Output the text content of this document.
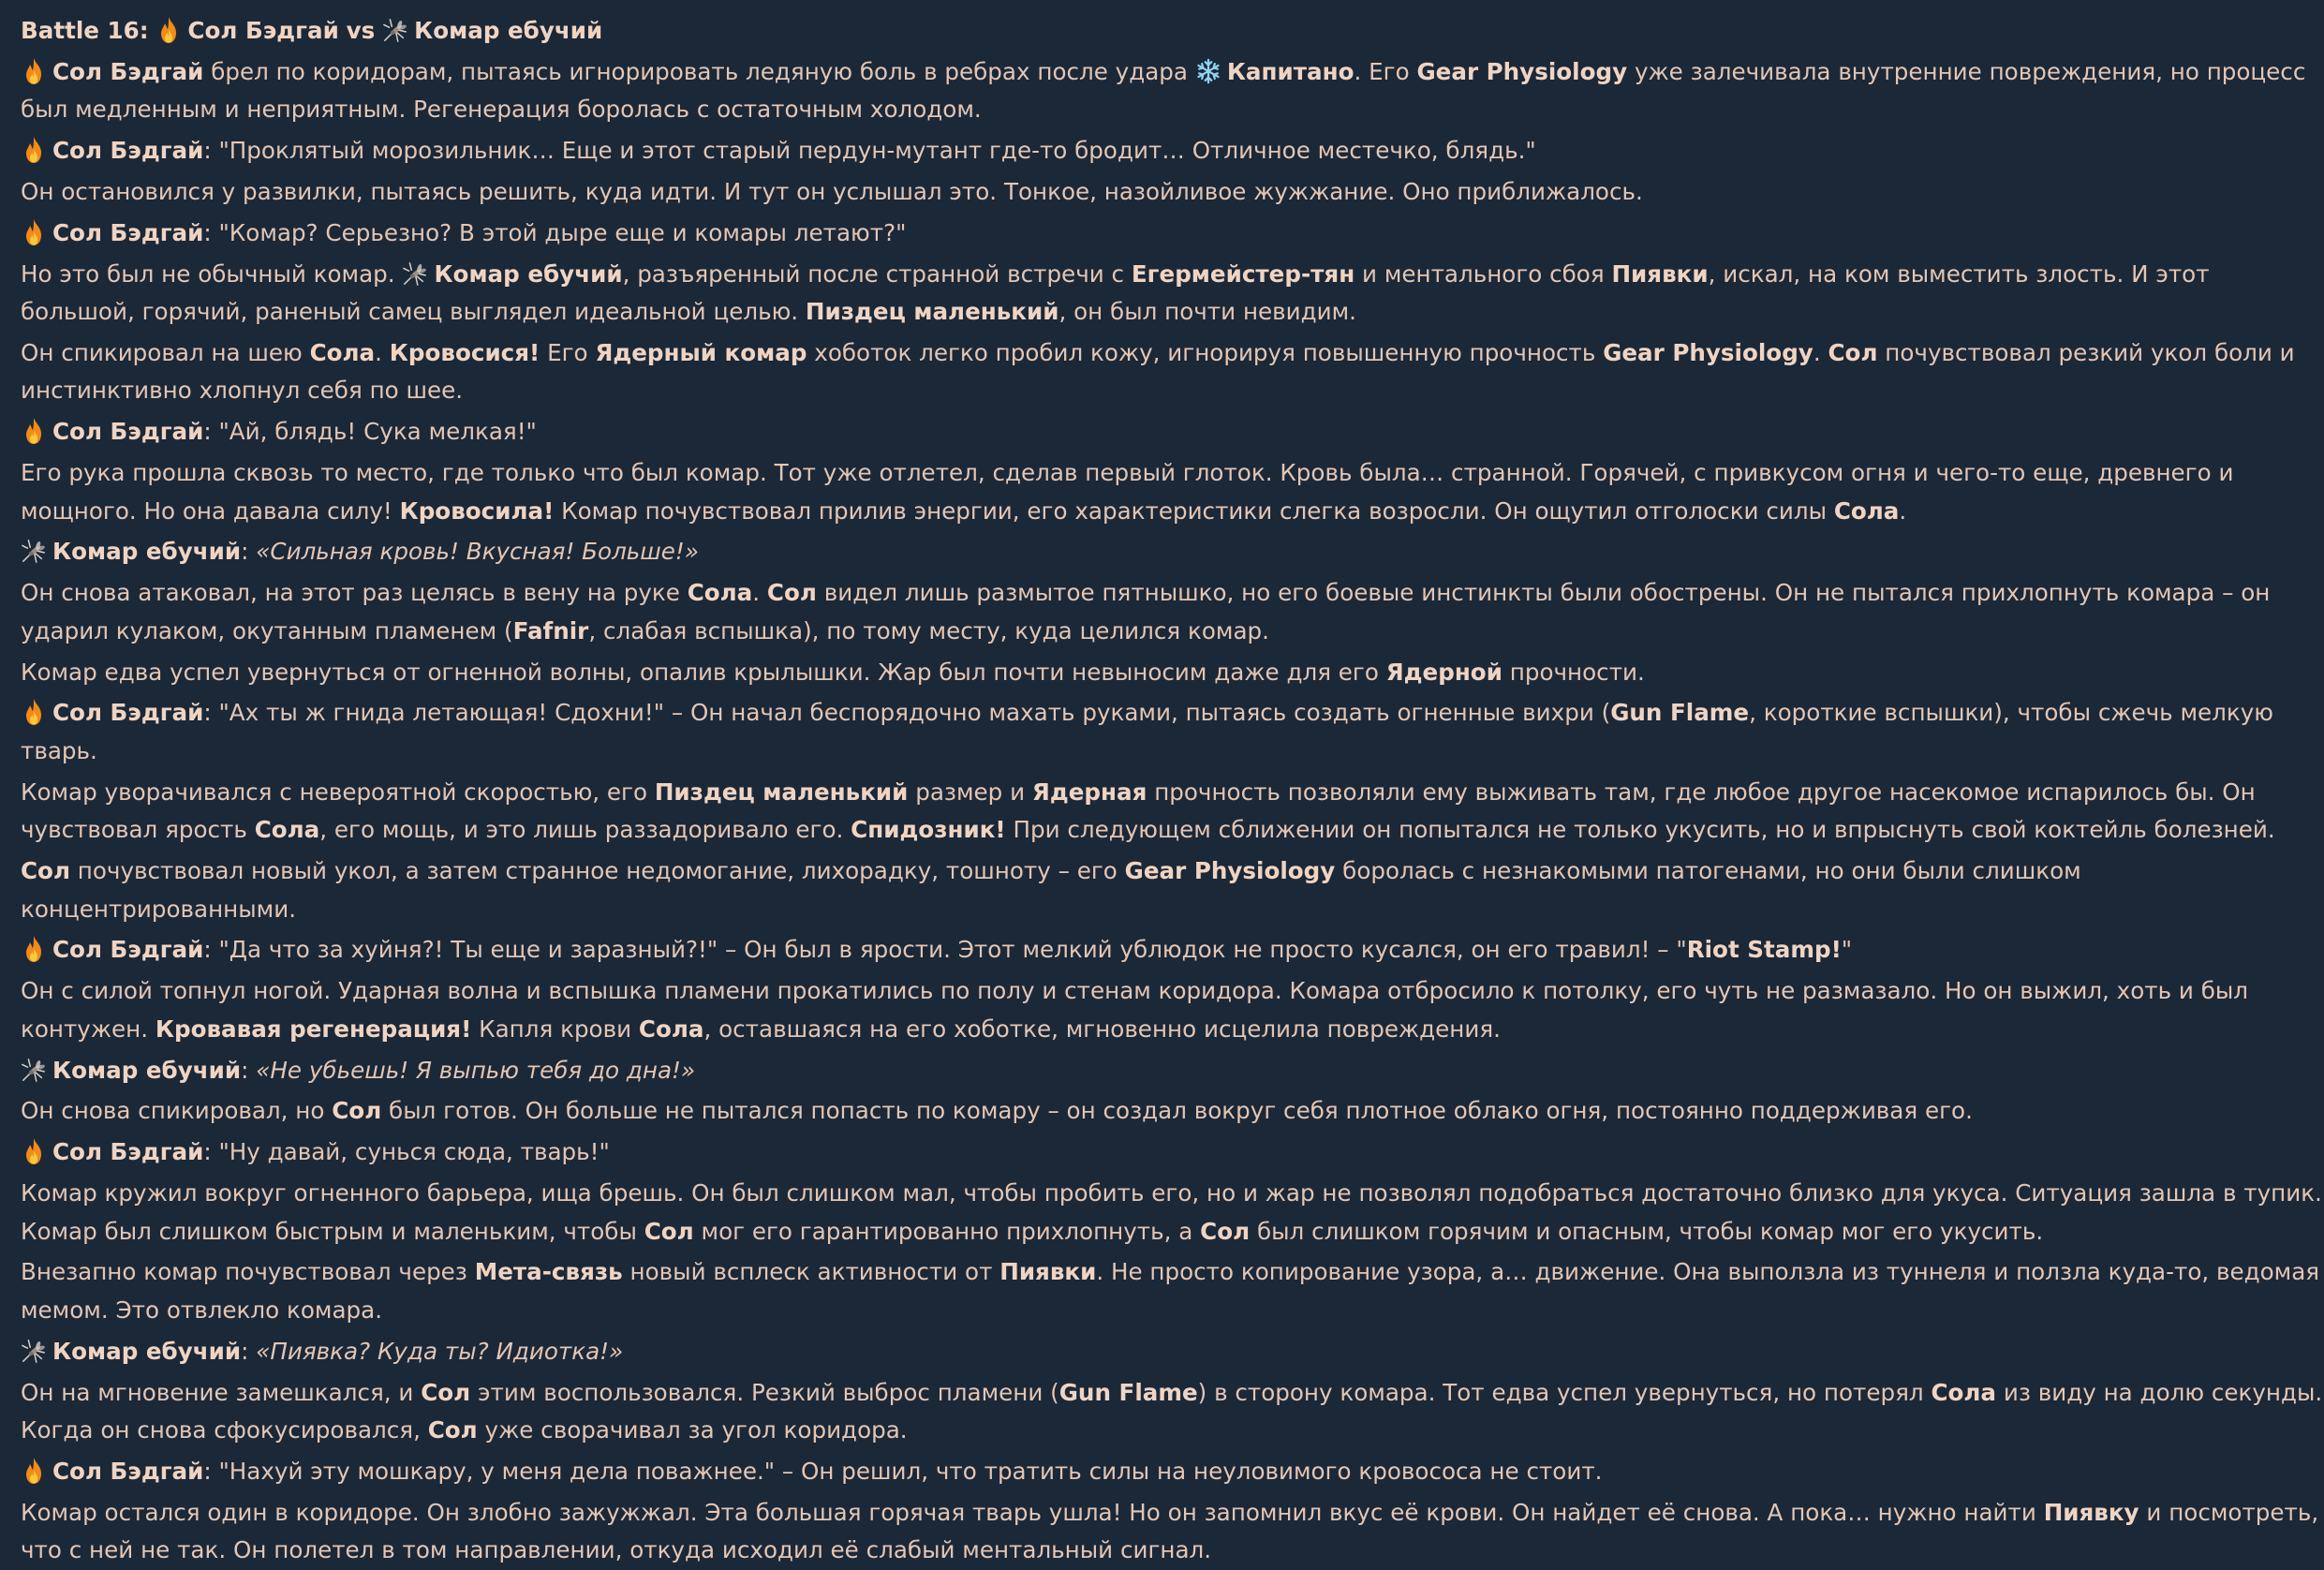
Battle 16: Сол Бэдгай vs Комар ебучий
Сол Бэдгай брел по коридорам, пытаясь игнорировать ледяную боль в ребрах после удара Капитано. Его Gear Physiology уже залечивала внутренние повреждения, но процесс
был медленным и неприятным. Регенерация боролась с остаточным холодом.
Сол Бэдгай: "Проклятый морозильник… Еще и этот старый пердун-мутант где-то бродит… Отличное местечко, блядь."
Он остановился у развилки, пытаясь решить, куда идти. И тут он услышал это. Тонкое, назойливое жужжание. Оно приближалось.
Сол Бэдгай: "Комар? Серьезно? В этой дыре еще и комары летают?"
Но это был не обычный комар. Комар ебучий, разъяренный после странной встречи с Егермейстер-тян и ментального сбоя Пиявки, искал, на ком выместить злость. И этот
большой, горячий, раненый самец выглядел идеальной целью. Пиздец маленький, он был почти невидим.
Он спикировал на шею Сола. Кровосися! Его Ядерный комар хоботок легко пробил кожу, игнорируя повышенную прочность Gear Physiology. Сол почувствовал резкий укол боли и
инстинктивно хлопнул себя по шее.
Сол Бэдгай: "Ай, блядь! Сука мелкая!"
Его рука прошла сквозь то место, где только что был комар. Тот уже отлетел, сделав первый глоток. Кровь была… странной. Горячей, с привкусом огня и чего-то еще, древнего и
мощного. Но она давала силу! Кровосила! Комар почувствовал прилив энергии, его характеристики слегка возросли. Он ощутил отголоски силы Сола.
Комар ебучий: «Сильная кровь! Вкусная! Больше!»
Он снова атаковал, на этот раз целясь в вену на руке Сола. Сол видел лишь размытое пятнышко, но его боевые инстинкты были обострены. Он не пытался прихлопнуть комара – он
ударил кулаком, окутанным пламенем (Fafnir, слабая вспышка), по тому месту, куда целился комар.
Комар едва успел увернуться от огненной волны, опалив крылышки. Жар был почти невыносим даже для его Ядерной прочности.
Сол Бэдгай: "Ах ты ж гнида летающая! Сдохни!" – Он начал беспорядочно махать руками, пытаясь создать огненные вихри (Gun Flame, короткие вспышки), чтобы сжечь мелкую
тварь.
Комар уворачивался с невероятной скоростью, его Пиздец маленький размер и Ядерная прочность позволяли ему выживать там, где любое другое насекомое испарилось бы. Он
чувствовал ярость Сола, его мощь, и это лишь раззадоривало его. Спидозник! При следующем сближении он попытался не только укусить, но и впрыснуть свой коктейль болезней.
Сол почувствовал новый укол, а затем странное недомогание, лихорадку, тошноту – его Gear Physiology боролась с незнакомыми патогенами, но они были слишком
концентрированными.
Сол Бэдгай: "Да что за хуйня?! Ты еще и заразный?!" – Он был в ярости. Этот мелкий ублюдок не просто кусался, он его травил! – "Riot Stamp!"
Он с силой топнул ногой. Ударная волна и вспышка пламени прокатились по полу и стенам коридора. Комара отбросило к потолку, его чуть не размазало. Но он выжил, хоть и был
контужен. Кровавая регенерация! Капля крови Сола, оставшаяся на его хоботке, мгновенно исцелила повреждения.
Комар ебучий: «Не убьешь! Я выпью тебя до дна!»
Он снова спикировал, но Сол был готов. Он больше не пытался попасть по комару – он создал вокруг себя плотное облако огня, постоянно поддерживая его.
Сол Бэдгай: "Ну давай, сунься сюда, тварь!"
Комар кружил вокруг огненного барьера, ища брешь. Он был слишком мал, чтобы пробить его, но и жар не позволял подобраться достаточно близко для укуса. Ситуация зашла в тупик.
Комар был слишком быстрым и маленьким, чтобы Сол мог его гарантированно прихлопнуть, а Сол был слишком горячим и опасным, чтобы комар мог его укусить.
Внезапно комар почувствовал через Мета-связь новый всплеск активности от Пиявки. Не просто копирование узора, а… движение. Она выползла из туннеля и ползла куда-то, ведомая
мемом. Это отвлекло комара.
Комар ебучий: «Пиявка? Куда ты? Идиотка!»
Он на мгновение замешкался, и Сол этим воспользовался. Резкий выброс пламени (Gun Flame) в сторону комара. Тот едва успел увернуться, но потерял Сола из виду на долю секунды.
Когда он снова сфокусировался, Сол уже сворачивал за угол коридора.
Сол Бэдгай: "Нахуй эту мошкару, у меня дела поважнее." – Он решил, что тратить силы на неуловимого кровососа не стоит.
Комар остался один в коридоре. Он злобно зажужжал. Эта большая горячая тварь ушла! Но он запомнил вкус её крови. Он найдет её снова. А пока… нужно найти Пиявку и посмотреть,
что с ней не так. Он полетел в том направлении, откуда исходил её слабый ментальный сигнал.
